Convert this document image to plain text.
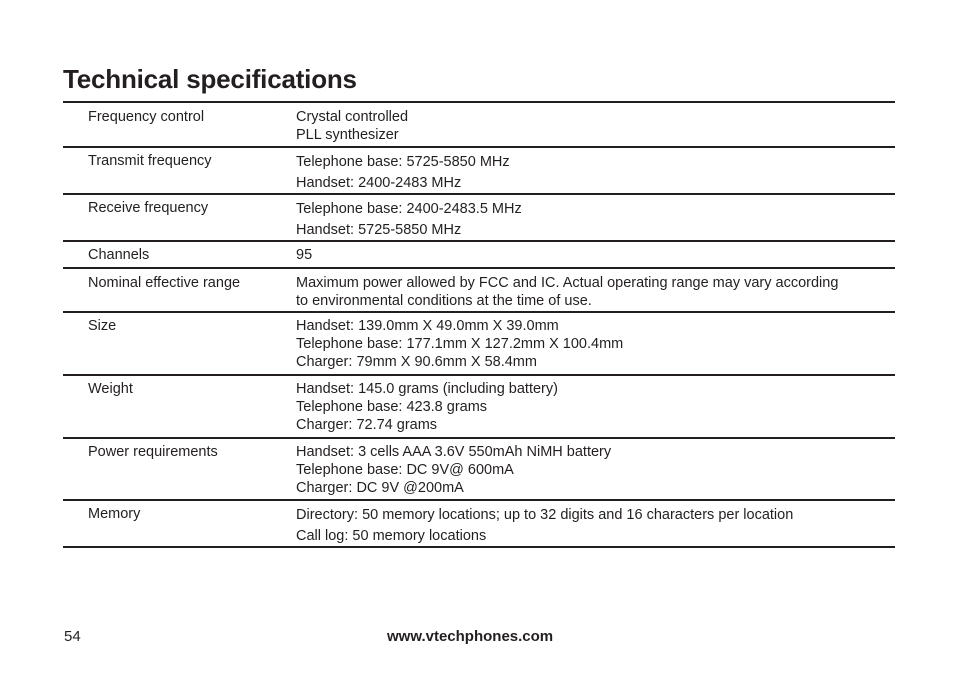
Technical specifications
Frequency control	Crystal controlled
PLL synthesizer
Transmit frequency	Telephone base: 5725-5850 MHz
Handset: 2400-2483 MHz
Receive frequency	Telephone base: 2400-2483.5 MHz
Handset: 5725-5850 MHz
Channels	95
Nominal effective range	Maximum power allowed by FCC and IC. Actual operating range may vary according
to environmental conditions at the time of use.
Size	Handset: 139.0mm X 49.0mm X 39.0mm
Telephone base: 177.1mm X 127.2mm X 100.4mm
Charger: 79mm X 90.6mm X 58.4mm
Weight	Handset: 145.0 grams (including battery)
Telephone base: 423.8 grams
Charger: 72.74 grams
Power requirements	Handset: 3 cells AAA 3.6V 550mAh NiMH battery
Telephone base: DC 9V@ 600mA
Charger: DC 9V @200mA
Memory	Directory: 50 memory locations; up to 32 digits and 16 characters per location
Call log: 50 memory locations
54	www.vtechphones.com
